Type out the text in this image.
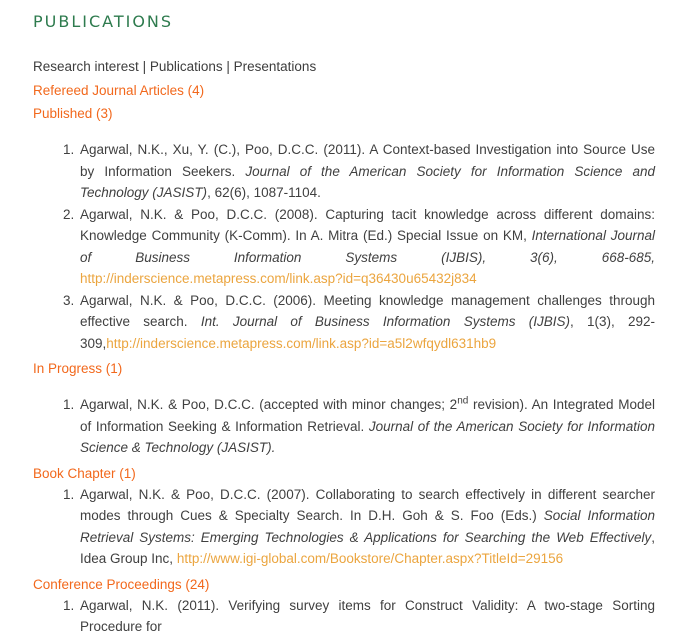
PUBLICATIONS
Research interest | Publications | Presentations
Refereed Journal Articles (4)
Published (3)
1. Agarwal, N.K., Xu, Y. (C.), Poo, D.C.C. (2011). A Context-based Investigation into Source Use by Information Seekers. Journal of the American Society for Information Science and Technology (JASIST), 62(6), 1087-1104.
2. Agarwal, N.K. & Poo, D.C.C. (2008). Capturing tacit knowledge across different domains: Knowledge Community (K-Comm). In A. Mitra (Ed.) Special Issue on KM, International Journal of Business Information Systems (IJBIS), 3(6), 668-685, http://inderscience.metapress.com/link.asp?id=q36430u65432j834
3. Agarwal, N.K. & Poo, D.C.C. (2006). Meeting knowledge management challenges through effective search. Int. Journal of Business Information Systems (IJBIS), 1(3), 292-309,http://inderscience.metapress.com/link.asp?id=a5l2wfqydl631hb9
In Progress (1)
1. Agarwal, N.K. & Poo, D.C.C. (accepted with minor changes; 2nd revision). An Integrated Model of Information Seeking & Information Retrieval. Journal of the American Society for Information Science & Technology (JASIST).
Book Chapter (1)
1. Agarwal, N.K. & Poo, D.C.C. (2007). Collaborating to search effectively in different searcher modes through Cues & Specialty Search. In D.H. Goh & S. Foo (Eds.) Social Information Retrieval Systems: Emerging Technologies & Applications for Searching the Web Effectively, Idea Group Inc, http://www.igi-global.com/Bookstore/Chapter.aspx?TitleId=29156
Conference Proceedings (24)
1. Agarwal, N.K. (2011). Verifying survey items for Construct Validity: A two-stage Sorting Procedure for
